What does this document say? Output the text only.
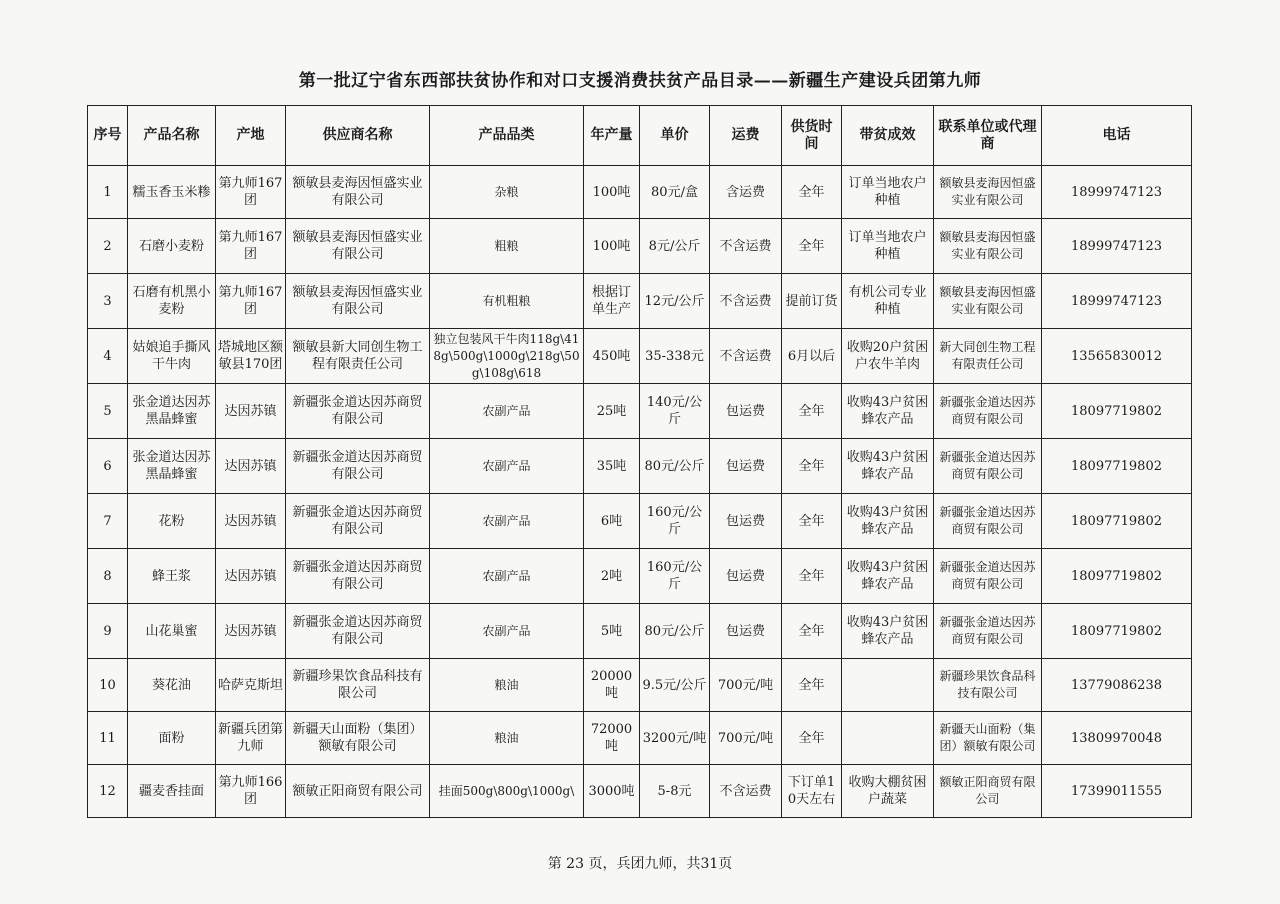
第一批辽宁省东西部扶贫协作和对口支援消费扶贫产品目录——新疆生产建设兵团第九师
序号	产品名称	产地	供应商名称	产品品类	年产量	单价	运费	供货时间	带贫成效	联系单位或代理商	电话

1	糯玉香玉米糁	第九师167团	额敏县麦海因恒盛实业有限公司	杂粮	100吨	80元/盒	含运费	全年	订单当地农户种植	额敏县麦海因恒盛实业有限公司	18999747123

2	石磨小麦粉	第九师167团	额敏县麦海因恒盛实业有限公司	粗粮	100吨	8元/公斤	不含运费	全年	订单当地农户种植	额敏县麦海因恒盛实业有限公司	18999747123

3	石磨有机黑小麦粉	第九师167团	额敏县麦海因恒盛实业有限公司	有机粗粮	根据订单生产	12元/公斤	不含运费	提前订货	有机公司专业种植	额敏县麦海因恒盛实业有限公司	18999747123

4	姑娘追手撕风干牛肉	塔城地区额敏县170团	额敏县新大同创生物工程有限责任公司	独立包装风干牛肉118g\418g\500g\1000g\218g\50g\108g\618	450吨	35-338元	不含运费	6月以后	收购20户贫困户农牛羊肉	新大同创生物工程有限责任公司	13565830012

5	张金道达因苏黑晶蜂蜜	达因苏镇	新疆张金道达因苏商贸有限公司	农副产品	25吨	140元/公斤	包运费	全年	收购43户贫困蜂农产品	新疆张金道达因苏商贸有限公司	18097719802

6	张金道达因苏黑晶蜂蜜	达因苏镇	新疆张金道达因苏商贸有限公司	农副产品	35吨	80元/公斤	包运费	全年	收购43户贫困蜂农产品	新疆张金道达因苏商贸有限公司	18097719802

7	花粉	达因苏镇	新疆张金道达因苏商贸有限公司	农副产品	6吨	160元/公斤	包运费	全年	收购43户贫困蜂农产品	新疆张金道达因苏商贸有限公司	18097719802

8	蜂王浆	达因苏镇	新疆张金道达因苏商贸有限公司	农副产品	2吨	160元/公斤	包运费	全年	收购43户贫困蜂农产品	新疆张金道达因苏商贸有限公司	18097719802

9	山花巢蜜	达因苏镇	新疆张金道达因苏商贸有限公司	农副产品	5吨	80元/公斤	包运费	全年	收购43户贫困蜂农产品	新疆张金道达因苏商贸有限公司	18097719802

10	葵花油	哈萨克斯坦	新疆珍果饮食品科技有限公司	粮油	20000吨	9.5元/公斤	700元/吨	全年		新疆珍果饮食品科技有限公司	13779086238

11	面粉	新疆兵团第九师	新疆天山面粉（集团）额敏有限公司	粮油	72000吨	3200元/吨	700元/吨	全年		新疆天山面粉（集团）额敏有限公司	13809970048

12	疆麦香挂面	第九师166团	额敏正阳商贸有限公司	挂面500g\800g\1000g\	3000吨	5-8元	不含运费	下订单10天左右	收购大棚贫困户蔬菜	额敏正阳商贸有限公司	17399011555
第 23 页，兵团九师，共31页
